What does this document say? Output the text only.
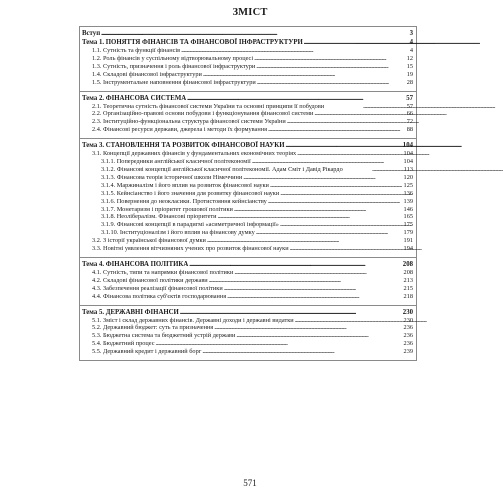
ЗМІСТ
Вступ . . .	3
Тема 1. ПОНЯТТЯ ФІНАНСІВ ТА ФІНАНСОВОЇ ІНФРАСТРУКТУРИ . . .	4
1.1. Сутність та функції фінансів . . .	4
1.2. Роль фінансів у суспільному відтворювальному процесі . . .	12
1.3. Сутність, призначення і роль фінансової інфраструктури . . .	15
1.4. Складові фінансової інфраструктури . . .	19
1.5. Інструментальне наповнення фінансової інфраструктури . . .	28
Тема 2. ФІНАНСОВА СИСТЕМА . . .	57
2.1. Теоретична сутність фінансової системи України та основні принципи її побудови . . .	57
2.2. Організаційно-правові основи побудови і функціонування фінансової системи . . .	66
2.3. Інституційно-функціональна структура фінансової системи України . . .	72
2.4. Фінансові ресурси держави, джерела і методи їх формування . . .	88
Тема 3. СТАНОВЛЕННЯ ТА РОЗВИТОК ФІНАНСОВОЇ НАУКИ . . .	104
3.1. Концепції державних фінансів у фундаментальних економічних теоріях . . .	104
3.1.1. Попередники англійської класичної політекономії . . .	104
3.1.2. Фінансові концепції англійської класичної політекономії. Адам Сміт і Давід Рікардо . . .	113
3.1.3. Фінансова теорія історичної школи Німеччини . . .	120
3.1.4. Маржиналізм і його вплив на розвиток фінансової науки . . .	125
3.1.5. Кейнсіанство і його значення для розвитку фінансової науки . . .	136
3.1.6. Повернення до неокласики. Протистояння кейнсіанству . . .	139
3.1.7. Монетаризм і пріоритет грошової політики . . .	146
3.1.8. Неолібералізм. Фінансові пріоритети . . .	165
3.1.9. Фінансові концепції в парадигмі «асиметричної інформації» . . .	175
3.1.10. Інституціоналізм і його вплив на фінансову думку . . .	179
3.2. З історії української фінансової думки . . .	191
3.3. Новітні уявлення вітчизняних учених про розвиток фінансової науки . . .	194
Тема 4. ФІНАНСОВА ПОЛІТИКА . . .	208
4.1. Сутність, типи та напрямки фінансової політики . . .	208
4.2. Складові фінансової політики держави . . .	213
4.3. Забезпечення реалізації фінансової політики . . .	215
4.4. Фінансова політика суб'єктів господарювання . . .	218
Тема 5. ДЕРЖАВНІ ФІНАНСИ . . .	230
5.1. Зміст і склад державних фінансів. Державні доходи і державні видатки . . .	230
5.2. Державний бюджет: суть та призначення . . .	236
5.3. Бюджетна система та бюджетний устрій держави . . .	236
5.4. Бюджетний процес . . .	236
5.5. Державний кредит і державний борг . . .	239
571
